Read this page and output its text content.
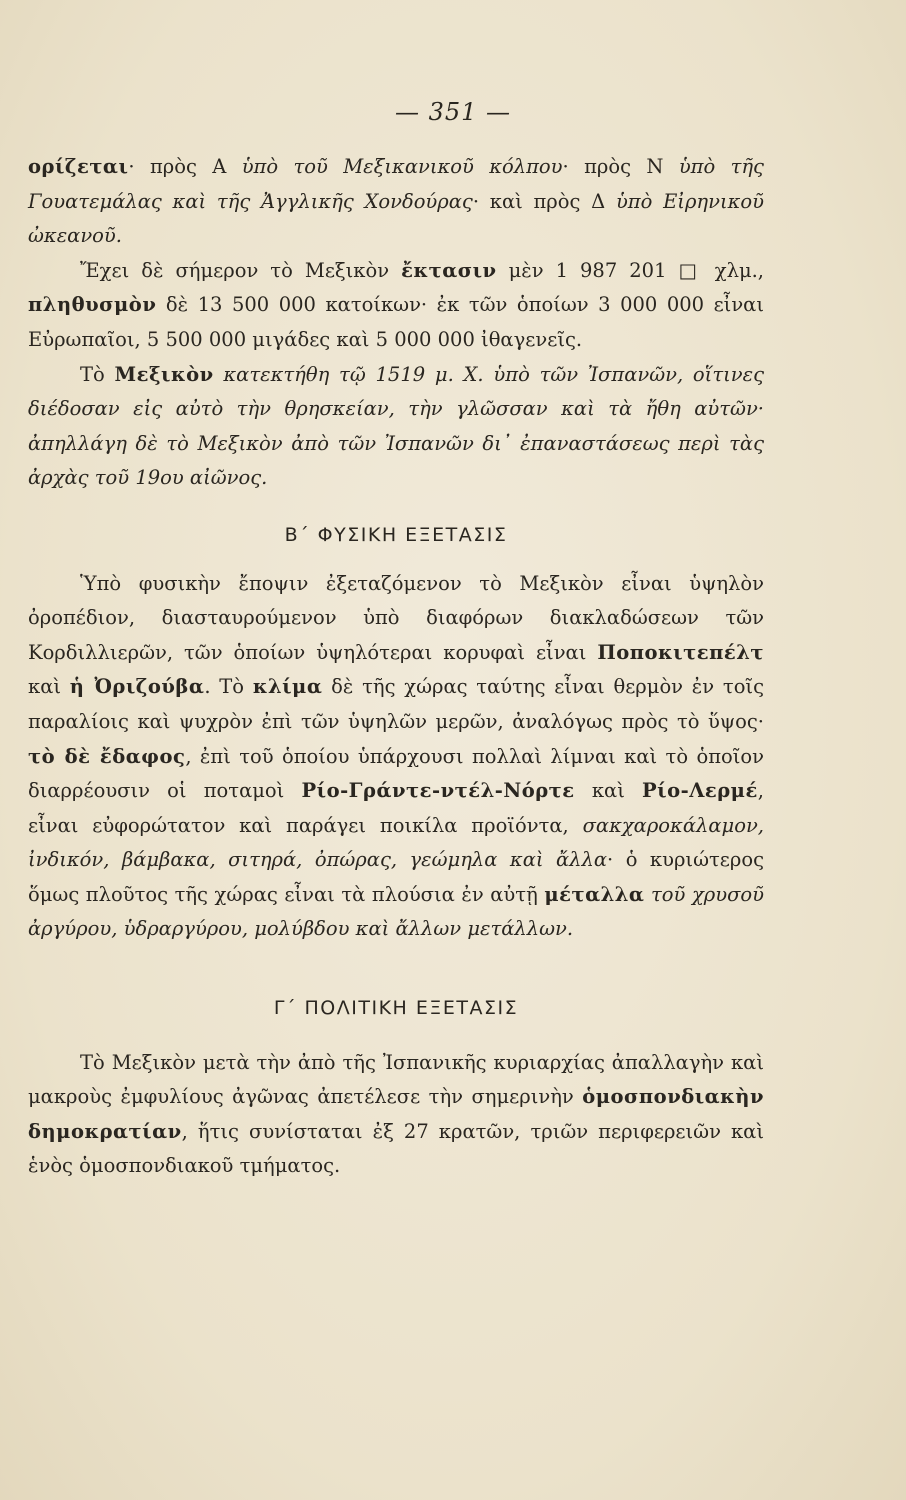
— 351 —

ορίζεται· πρὸς Α ὑπὸ τοῦ Μεξικανικοῦ κόλπου· πρὸς Ν ὑπὸ τῆς Γουατεμάλας καὶ τῆς Ἀγγλικῆς Χονδούρας· καὶ πρὸς Δ ὑπὸ Εἰρηνικοῦ ὠκεανοῦ.

Ἔχει δὲ σήμερον τὸ Μεξικὸν ἔκτασιν μὲν 1 987 201 □ χλμ., πληθυσμὸν δὲ 13 500 000 κατοίκων· ἐκ τῶν ὁποίων 3 000 000 εἶναι Εὐρωπαῖοι, 5 500 000 μιγάδες καὶ 5 000 000 ἰθαγενεῖς.

Τὸ Μεξικὸν κατεκτήθη τῷ 1519 μ. Χ. ὑπὸ τῶν Ἰσπανῶν, οἵτινες διέδοσαν εἰς αὐτὸ τὴν θρησκείαν, τὴν γλῶσσαν καὶ τὰ ἤθη αὐτῶν· ἀπηλλάγη δὲ τὸ Μεξικὸν ἀπὸ τῶν Ἰσπανῶν δι᾽ ἐπαναστάσεως περὶ τὰς ἀρχὰς τοῦ 19ου αἰῶνος.

Β΄ ΦΥΣΙΚΗ ΕΞΕΤΑΣΙΣ

Ὑπὸ φυσικὴν ἔποψιν ἐξεταζόμενον τὸ Μεξικὸν εἶναι ὑψηλὸν ὀροπέδιον, διασταυρούμενον ὑπὸ διαφόρων διακλαδώσεων τῶν Κορδιλλιερῶν, τῶν ὁποίων ὑψηλότεραι κορυφαὶ εἶναι Ποποκιτεπέλτ καὶ ἡ Ὀριζούβα. Τὸ κλίμα δὲ τῆς χώρας ταύτης εἶναι θερμὸν ἐν τοῖς παραλίοις καὶ ψυχρὸν ἐπὶ τῶν ὑψηλῶν μερῶν, ἀναλόγως πρὸς τὸ ὕψος· τὸ δὲ ἔδαφος, ἐπὶ τοῦ ὁποίου ὑπάρχουσι πολλαὶ λίμναι καὶ τὸ ὁποῖον διαρρέουσιν οἱ ποταμοὶ Ρίο-Γράντε-ντέλ-Νόρτε καὶ Ρίο-Λερμέ, εἶναι εὐφορώτατον καὶ παράγει ποικίλα προϊόντα, σακχαροκάλαμον, ἰνδικόν, βάμβακα, σιτηρά, ὀπώρας, γεώμηλα καὶ ἄλλα· ὁ κυριώτερος ὅμως πλοῦτος τῆς χώρας εἶναι τὰ πλούσια ἐν αὐτῇ μέταλλα τοῦ χρυσοῦ ἀργύρου, ὑδραργύρου, μολύβδου καὶ ἄλλων μετάλλων.

Γ΄ ΠΟΛΙΤΙΚΗ ΕΞΕΤΑΣΙΣ

Τὸ Μεξικὸν μετὰ τὴν ἀπὸ τῆς Ἰσπανικῆς κυριαρχίας ἀπαλλαγὴν καὶ μακροὺς ἐμφυλίους ἀγῶνας ἀπετέλεσε τὴν σημερινὴν ὁμοσπονδιακὴν δημοκρατίαν, ἥτις συνίσταται ἐξ 27 κρατῶν, τριῶν περιφερειῶν καὶ ἑνὸς ὁμοσπονδιακοῦ τμήματος.
